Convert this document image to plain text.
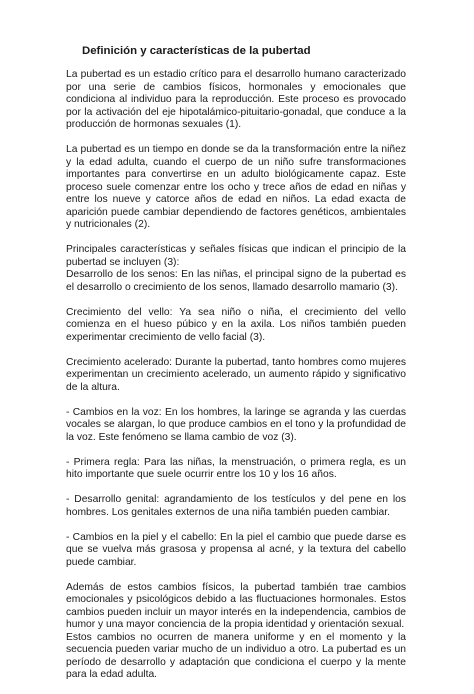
Definición y características de la pubertad

La pubertad es un estadio crítico para el desarrollo humano caracterizado por una serie de cambios físicos, hormonales y emocionales que condiciona al individuo para la reproducción. Este proceso es provocado por la activación del eje hipotalámico-pituitario-gonadal, que conduce a la producción de hormonas sexuales (1).

La pubertad es un tiempo en donde se da la transformación entre la niñez y la edad adulta, cuando el cuerpo de un niño sufre transformaciones importantes para convertirse en un adulto biológicamente capaz. Este proceso suele comenzar entre los ocho y trece años de edad en niñas y entre los nueve y catorce años de edad en niños. La edad exacta de aparición puede cambiar dependiendo de factores genéticos, ambientales y nutricionales (2).

Principales características y señales físicas que indican el principio de la pubertad se incluyen (3):

Desarrollo de los senos: En las niñas, el principal signo de la pubertad es el desarrollo o crecimiento de los senos, llamado desarrollo mamario (3).

Crecimiento del vello: Ya sea niño o niña, el crecimiento del vello comienza en el hueso púbico y en la axila. Los niños también pueden experimentar crecimiento de vello facial (3).

Crecimiento acelerado: Durante la pubertad, tanto hombres como mujeres experimentan un crecimiento acelerado, un aumento rápido y significativo de la altura.

- Cambios en la voz: En los hombres, la laringe se agranda y las cuerdas vocales se alargan, lo que produce cambios en el tono y la profundidad de la voz. Este fenómeno se llama cambio de voz (3).

- Primera regla: Para las niñas, la menstruación, o primera regla, es un hito importante que suele ocurrir entre los 10 y los 16 años.

- Desarrollo genital: agrandamiento de los testículos y del pene en los hombres. Los genitales externos de una niña también pueden cambiar.

- Cambios en la piel y el cabello: En la piel el cambio que puede darse es que se vuelva más grasosa y propensa al acné, y la textura del cabello puede cambiar.

Además de estos cambios físicos, la pubertad también trae cambios emocionales y psicológicos debido a las fluctuaciones hormonales. Estos cambios pueden incluir un mayor interés en la independencia, cambios de humor y una mayor conciencia de la propia identidad y orientación sexual.

Estos cambios no ocurren de manera uniforme y en el momento y la secuencia pueden variar mucho de un individuo a otro. La pubertad es un período de desarrollo y adaptación que condiciona el cuerpo y la mente para la edad adulta.
